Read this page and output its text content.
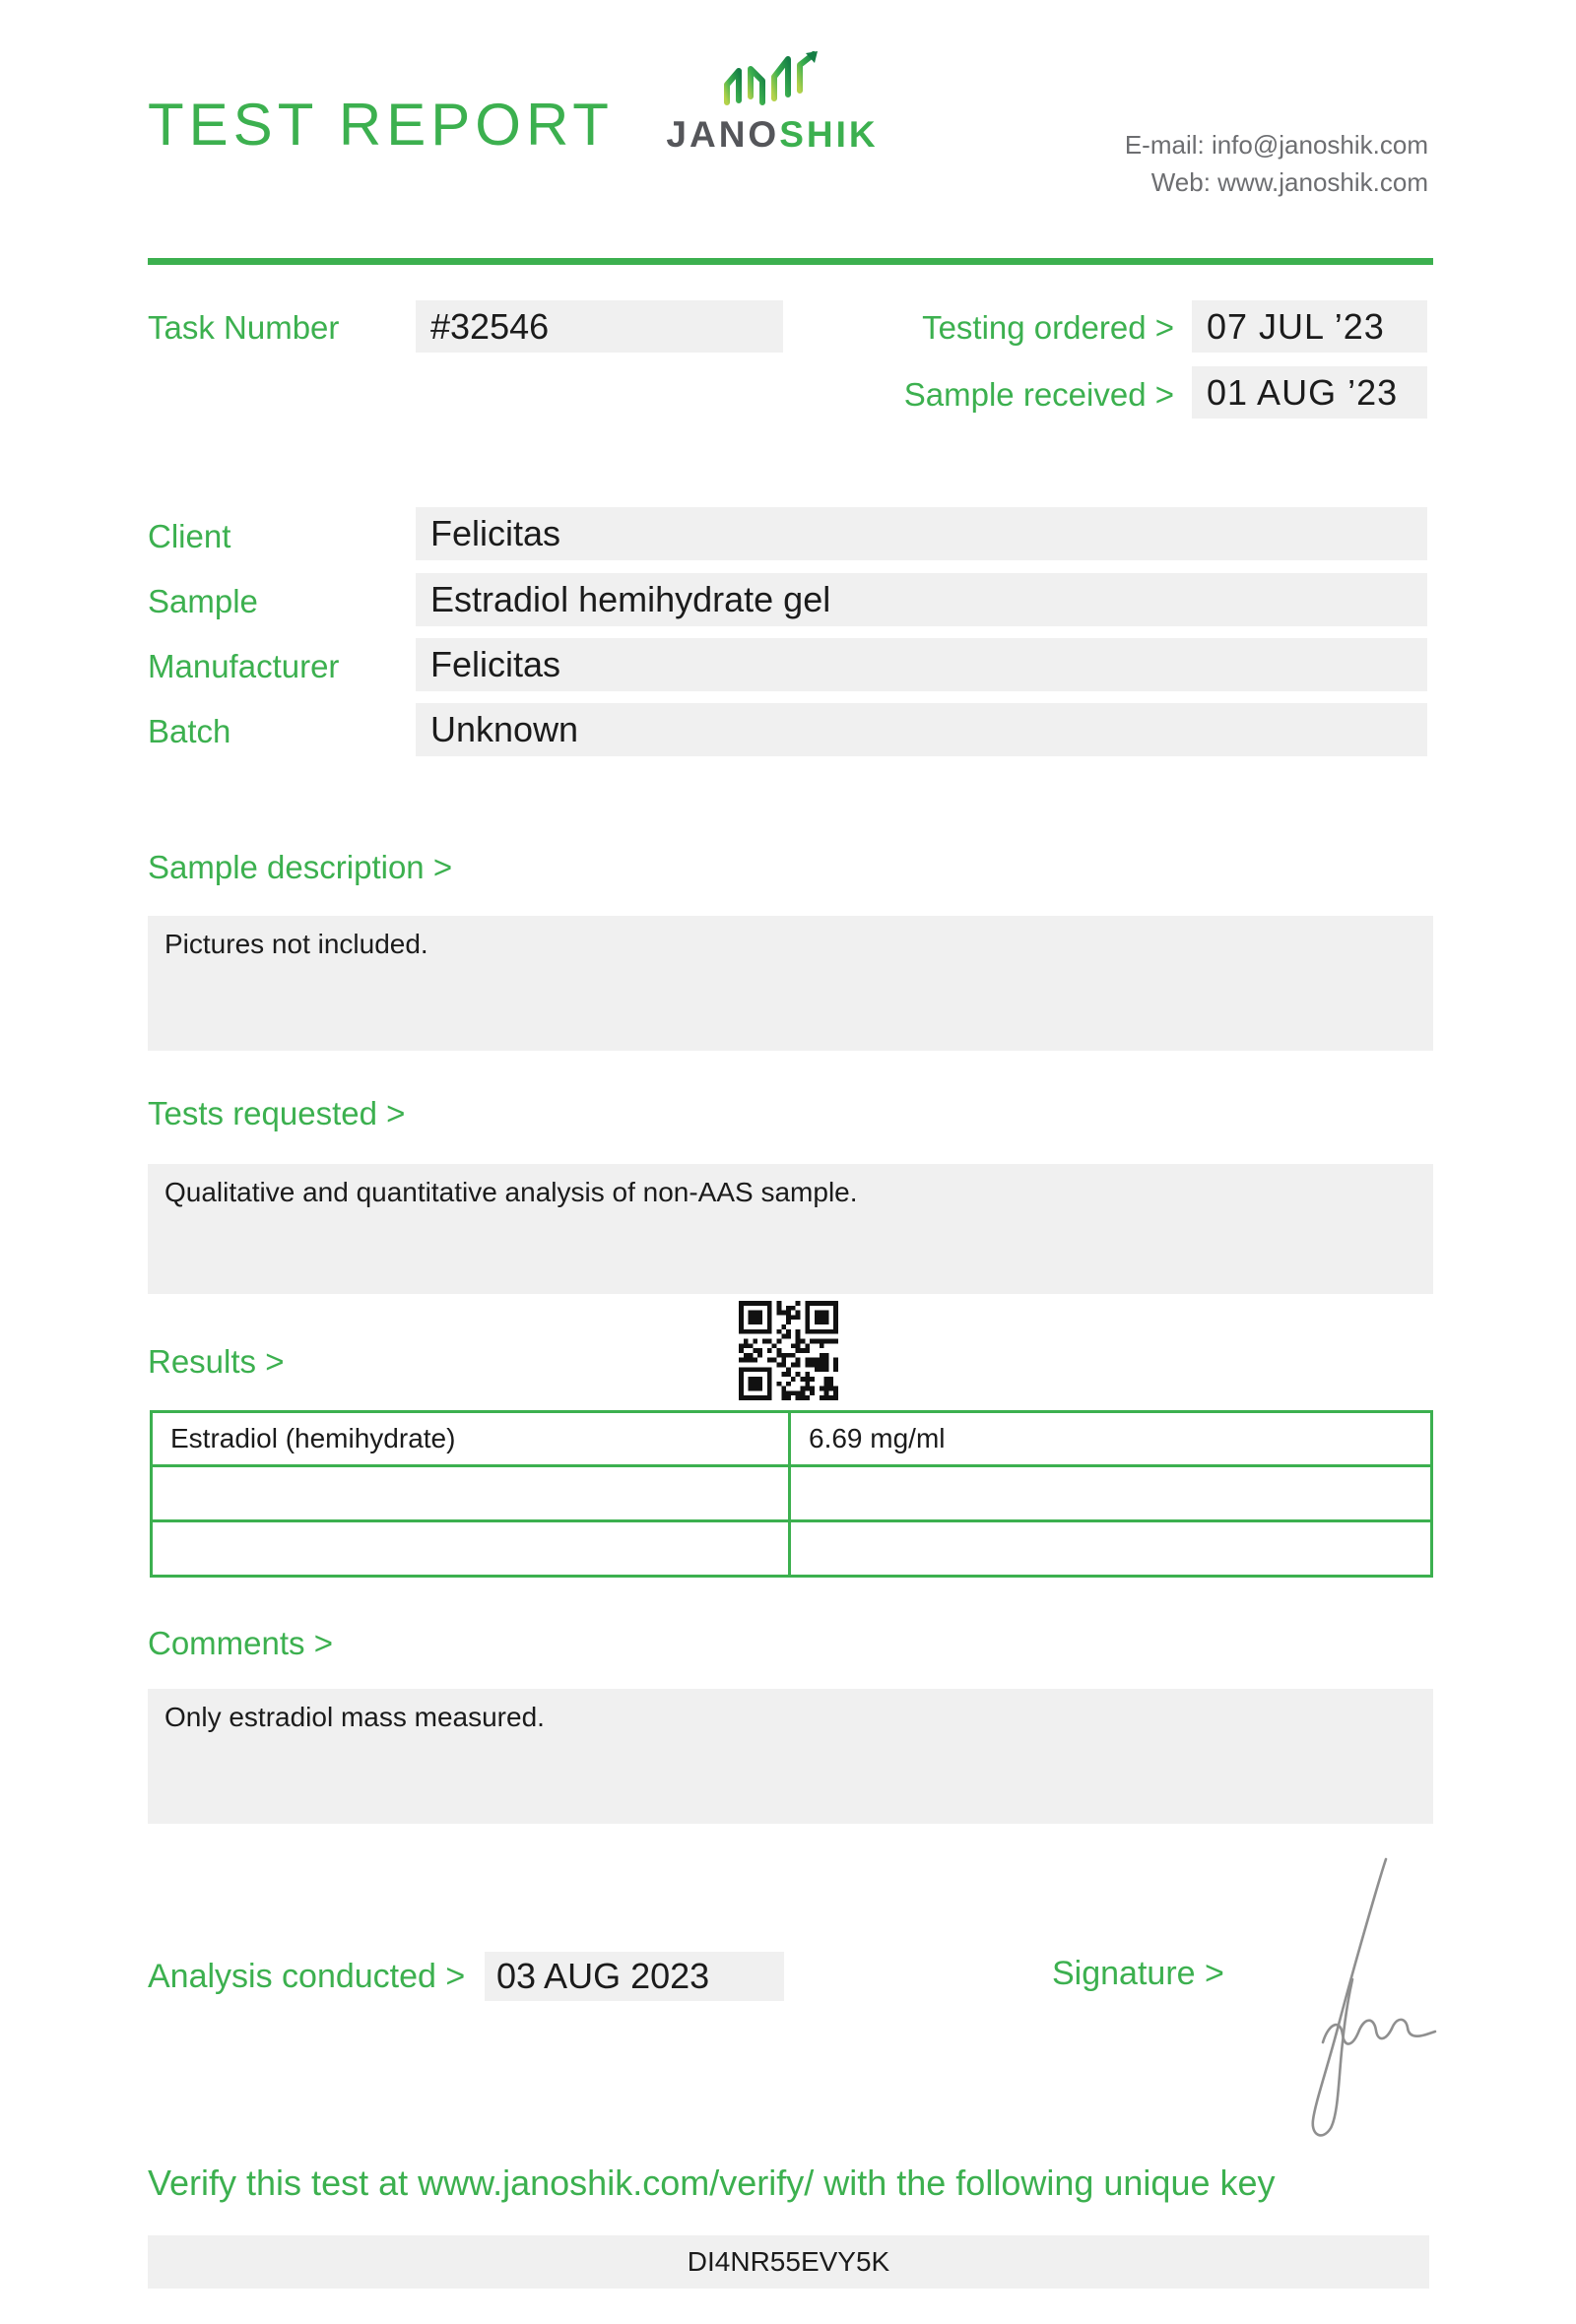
TEST REPORT JANOSHIK	E-mail: info@janoshik.com
Web: www.janoshik.com
Task Number	#32546	Testing ordered > 07 JUL ’23
Sample received > 01 AUG ’23
Client	Felicitas
Sample	Estradiol hemihydrate gel
Manufacturer	Felicitas
Batch	Unknown
Sample description >
Pictures not included.
Tests requested >
Qualitative and quantitative analysis of non-AAS sample.
Results >
Estradiol (hemihydrate)	6.69 mg/ml
Comments >
Only estradiol mass measured.
Analysis conducted > 03 AUG 2023	Signature >
Verify this test at www.janoshik.com/verify/ with the following unique key
DI4NR55EVY5K
